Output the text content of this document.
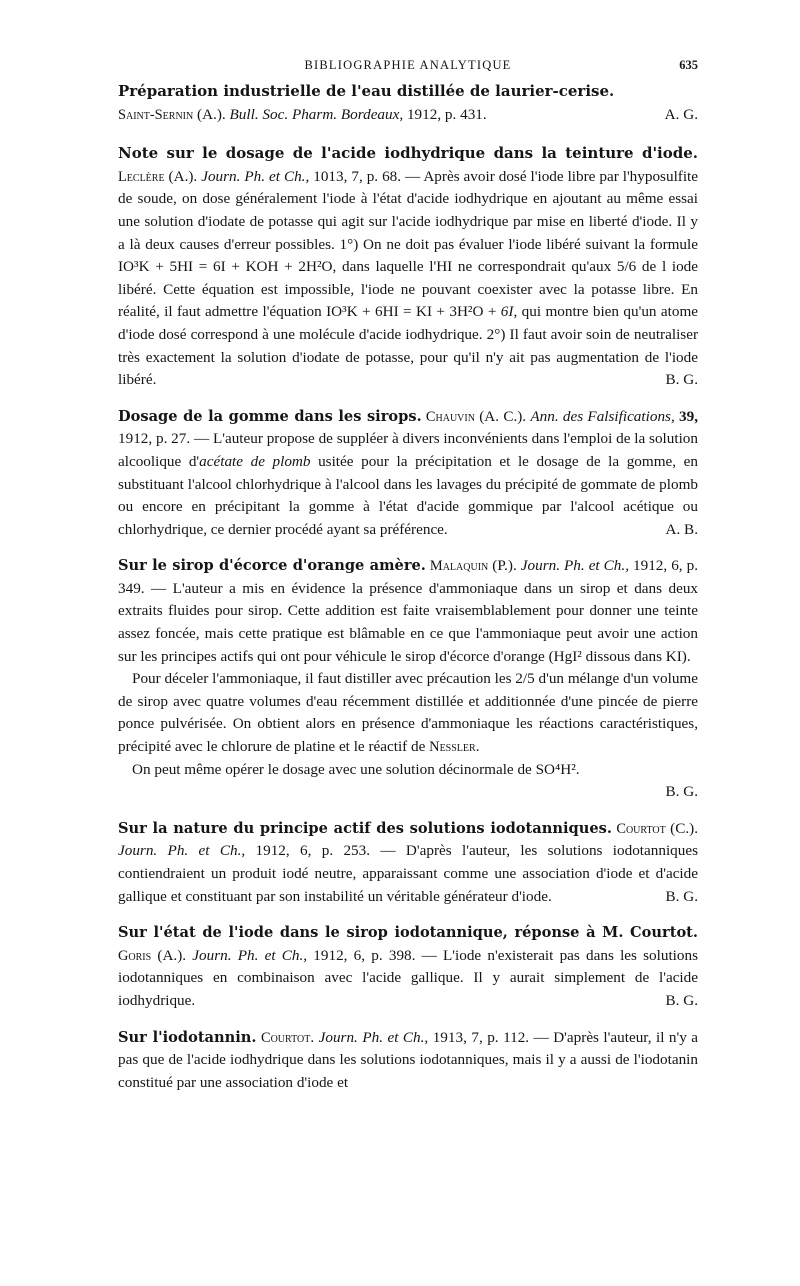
BIBLIOGRAPHIE ANALYTIQUE	635

Préparation industrielle de l'eau distillée de laurier-cerise.
Saint-Sernin (A.). Bull. Soc. Pharm. Bordeaux, 1912, p. 431.	A. G.

Note sur le dosage de l'acide iodhydrique dans la teinture d'iode. Leclère (A.). Journ. Ph. et Ch., 1013, 7, p. 68. — Après avoir dosé l'iode libre par l'hyposulfite de soude, on dose généralement l'iode à l'état d'acide iodhydrique en ajoutant au même essai une solution d'iodate de potasse qui agit sur l'acide iodhydrique par mise en liberté d'iode. Il y a là deux causes d'erreur possibles. 1°) On ne doit pas évaluer l'iode libéré suivant la formule IO³K + 5HI = 6I + KOH + 2H²O, dans laquelle l'HI ne correspondrait qu'aux 5/6 de l iode libéré. Cette équation est impossible, l'iode ne pouvant coexister avec la potasse libre. En réalité, il faut admettre l'équation IO³K + 6HI = KI + 3H²O + 6I, qui montre bien qu'un atome d'iode dosé correspond à une molécule d'acide iodhydrique. 2°) Il faut avoir soin de neutraliser très exactement la solution d'iodate de potasse, pour qu'il n'y ait pas augmentation de l'iode libéré.	B. G.

Dosage de la gomme dans les sirops. Chauvin (A. C.). Ann. des Falsifications, 39, 1912, p. 27. — L'auteur propose de suppléer à divers inconvénients dans l'emploi de la solution alcoolique d'acétate de plomb usitée pour la précipitation et le dosage de la gomme, en substituant l'alcool chlorhydrique à l'alcool dans les lavages du précipité de gommate de plomb ou encore en précipitant la gomme à l'état d'acide gommique par l'alcool acétique ou chlorhydrique, ce dernier procédé ayant sa préférence.	A. B.

Sur le sirop d'écorce d'orange amère. Malaquin (P.). Journ. Ph. et Ch., 1912, 6, p. 349. — L'auteur a mis en évidence la présence d'ammoniaque dans un sirop et dans deux extraits fluides pour sirop. Cette addition est faite vraisemblablement pour donner une teinte assez foncée, mais cette pratique est blâmable en ce que l'ammoniaque peut avoir une action sur les principes actifs qui ont pour véhicule le sirop d'écorce d'orange (HgI² dissous dans KI).
Pour déceler l'ammoniaque, il faut distiller avec précaution les 2/5 d'un mélange d'un volume de sirop avec quatre volumes d'eau récemment distillée et additionnée d'une pincée de pierre ponce pulvérisée. On obtient alors en présence d'ammoniaque les réactions caractéristiques, précipité avec le chlorure de platine et le réactif de Nessler.
On peut même opérer le dosage avec une solution décinormale de SO⁴H².
B. G.

Sur la nature du principe actif des solutions iodotanniques. Courtot (C.). Journ. Ph. et Ch., 1912, 6, p. 253. — D'après l'auteur, les solutions iodotanniques contiendraient un produit iodé neutre, apparaissant comme une association d'iode et d'acide gallique et constituant par son instabilité un véritable générateur d'iode.	B. G.

Sur l'état de l'iode dans le sirop iodotannique, réponse à M. Courtot. Goris (A.). Journ. Ph. et Ch., 1912, 6, p. 398. — L'iode n'existerait pas dans les solutions iodotanniques en combinaison avec l'acide gallique. Il y aurait simplement de l'acide iodhydrique.	B. G.

Sur l'iodotannin. Courtot. Journ. Ph. et Ch., 1913, 7, p. 112. — D'après l'auteur, il n'y a pas que de l'acide iodhydrique dans les solutions iodotanniques, mais il y a aussi de l'iodotanin constitué par une association d'iode et
